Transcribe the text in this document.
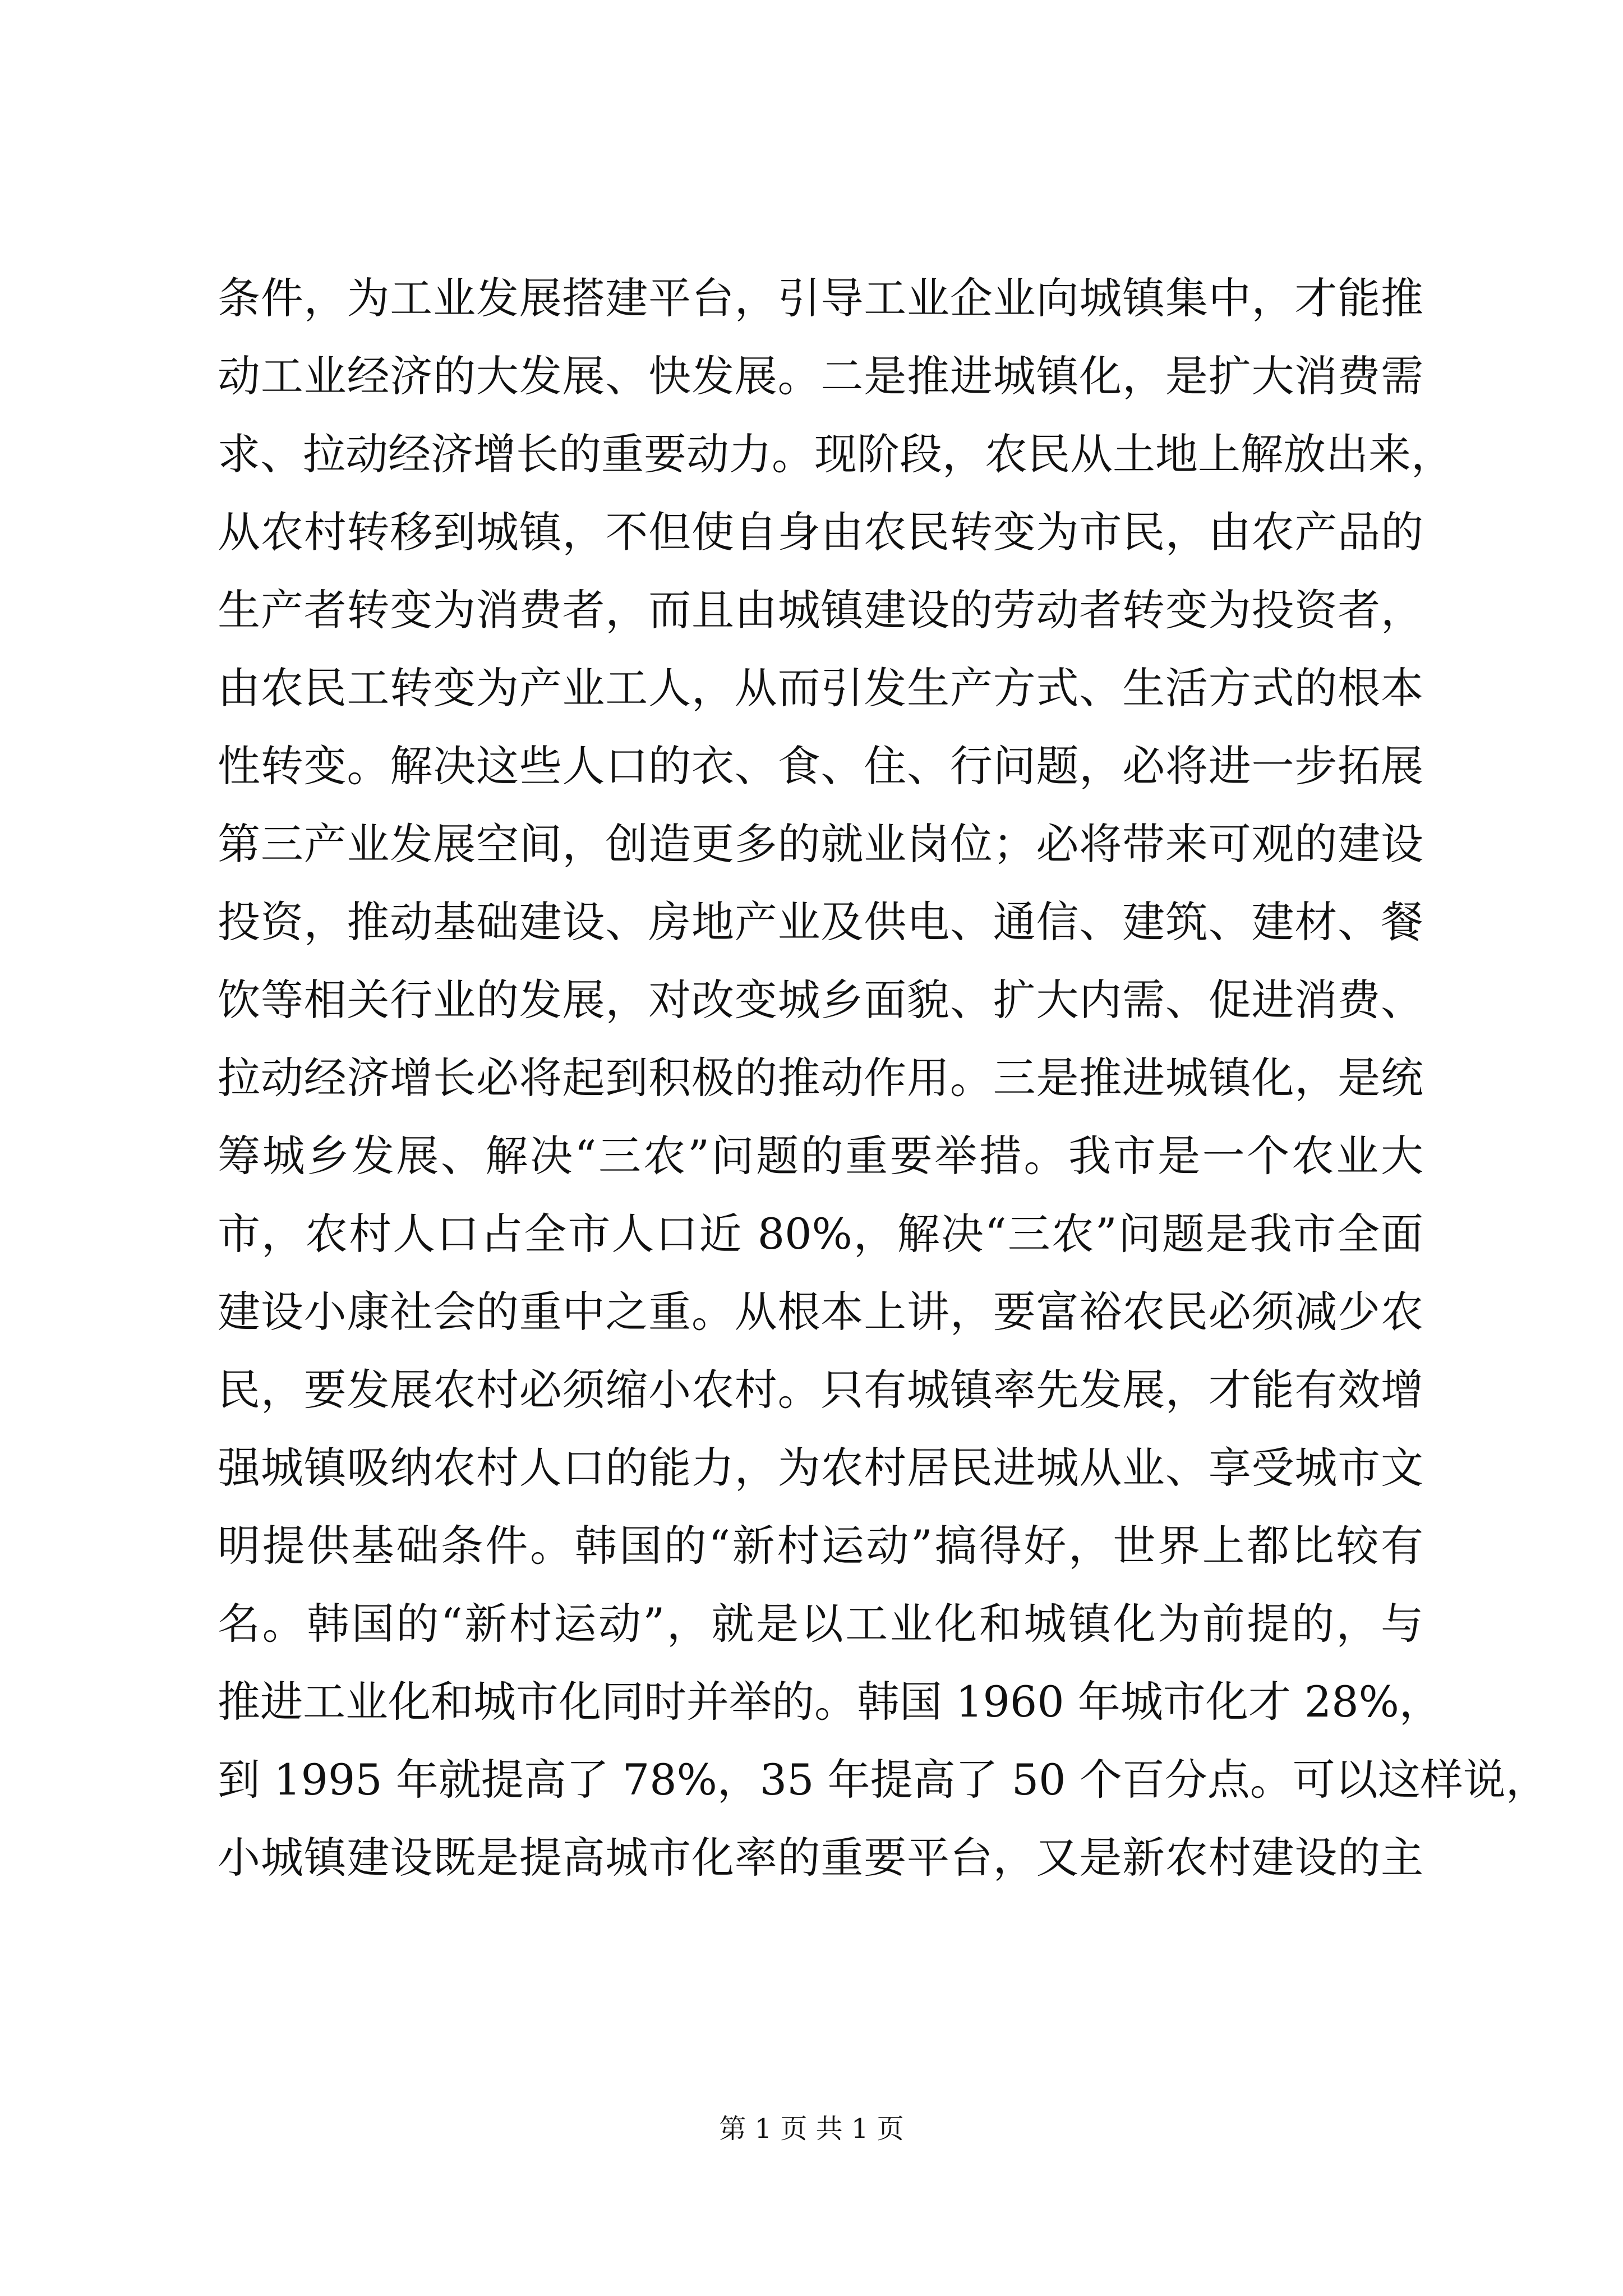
条件，为工业发展搭建平台，引导工业企业向城镇集中，才能推
动工业经济的大发展、快发展。二是推进城镇化，是扩大消费需
求、拉动经济增长的重要动力。现阶段，农民从土地上解放出来，
从农村转移到城镇，不但使自身由农民转变为市民，由农产品的
生产者转变为消费者，而且由城镇建设的劳动者转变为投资者，
由农民工转变为产业工人，从而引发生产方式、生活方式的根本
性转变。解决这些人口的衣、食、住、行问题，必将进一步拓展
第三产业发展空间，创造更多的就业岗位；必将带来可观的建设
投资，推动基础建设、房地产业及供电、通信、建筑、建材、餐
饮等相关行业的发展，对改变城乡面貌、扩大内需、促进消费、
拉动经济增长必将起到积极的推动作用。三是推进城镇化，是统
筹城乡发展、解决“三农”问题的重要举措。我市是一个农业大
市，农村人口占全市人口近 80%，解决“三农”问题是我市全面
建设小康社会的重中之重。从根本上讲，要富裕农民必须减少农
民，要发展农村必须缩小农村。只有城镇率先发展，才能有效增
强城镇吸纳农村人口的能力，为农村居民进城从业、享受城市文
明提供基础条件。韩国的“新村运动”搞得好，世界上都比较有
名。韩国的“新村运动”，就是以工业化和城镇化为前提的，与
推进工业化和城市化同时并举的。韩国 1960 年城市化才 28%，
到 1995 年就提高了 78%，35 年提高了 50 个百分点。可以这样说，
小城镇建设既是提高城市化率的重要平台，又是新农村建设的主
第 1 页 共 1 页
